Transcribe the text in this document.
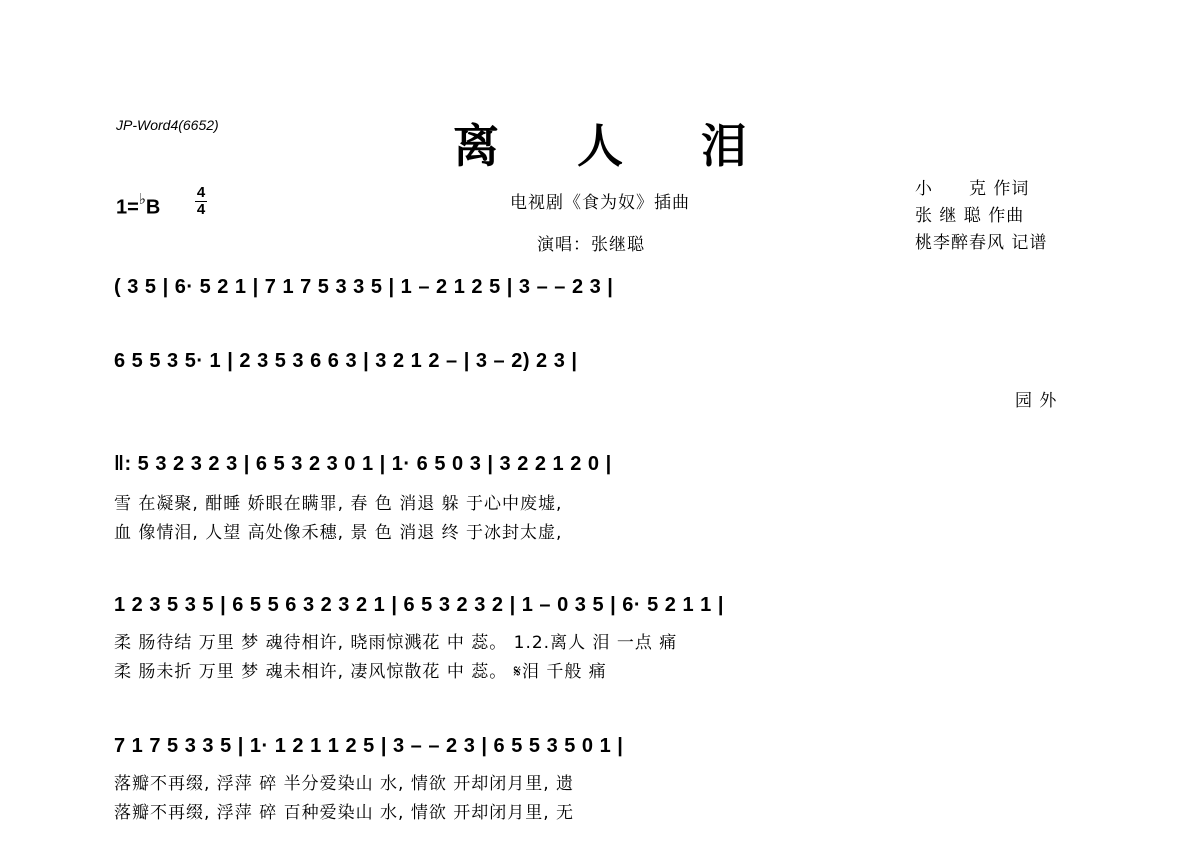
JP-Word4(6652)	离人泪
电视剧《食为奴》插曲
演唱：张继聪
小　　克 作词
张 继 聪 作曲
桃李醉春风 记谱
1=♭B
4
4
( 3 5 | 6· 5 2 1 | 7 1 7 5 3 3 5 | 1 – 2 1 2 5 | 3 – – 2 3 |
6 5 5 3 5· 1 | 2 3 5 3 6 6 3 | 3 2 1 2 – | 3 – 2) 2 3 |
园 外
‖: 5 3 2 3 2 3 | 6 5 3 2 3 0 1 | 1· 6 5 0 3 | 3 2 2 1 2 0 |
雪 在凝聚, 酣睡 娇眼在瞒罪, 春 色 消退 躲 于心中废墟,
血 像情泪, 人望 高处像禾穗, 景 色 消退 终 于冰封太虚,
1 2 3 5 3 5 | 6 5 5 6 3 2 3 2 1 | 6 5 3 2 3 2 | 1 – 0 3 5 | 6· 5 2 1 1 |
柔 肠待结 万里 梦 魂待相许, 晓雨惊溅花 中 蕊。 1.2.离人 泪 一点 痛
柔 肠未折 万里 梦 魂未相许, 凄风惊散花 中 蕊。 𝄋泪 千般 痛
7 1 7 5 3 3 5 | 1· 1 2 1 1 2 5 | 3 – – 2 3 | 6 5 5 3 5 0 1 |
落瓣不再缀, 浮萍 碎 半分爱染山 水, 情欲 开却闭月里, 遗
落瓣不再缀, 浮萍 碎 百种爱染山 水, 情欲 开却闭月里, 无
